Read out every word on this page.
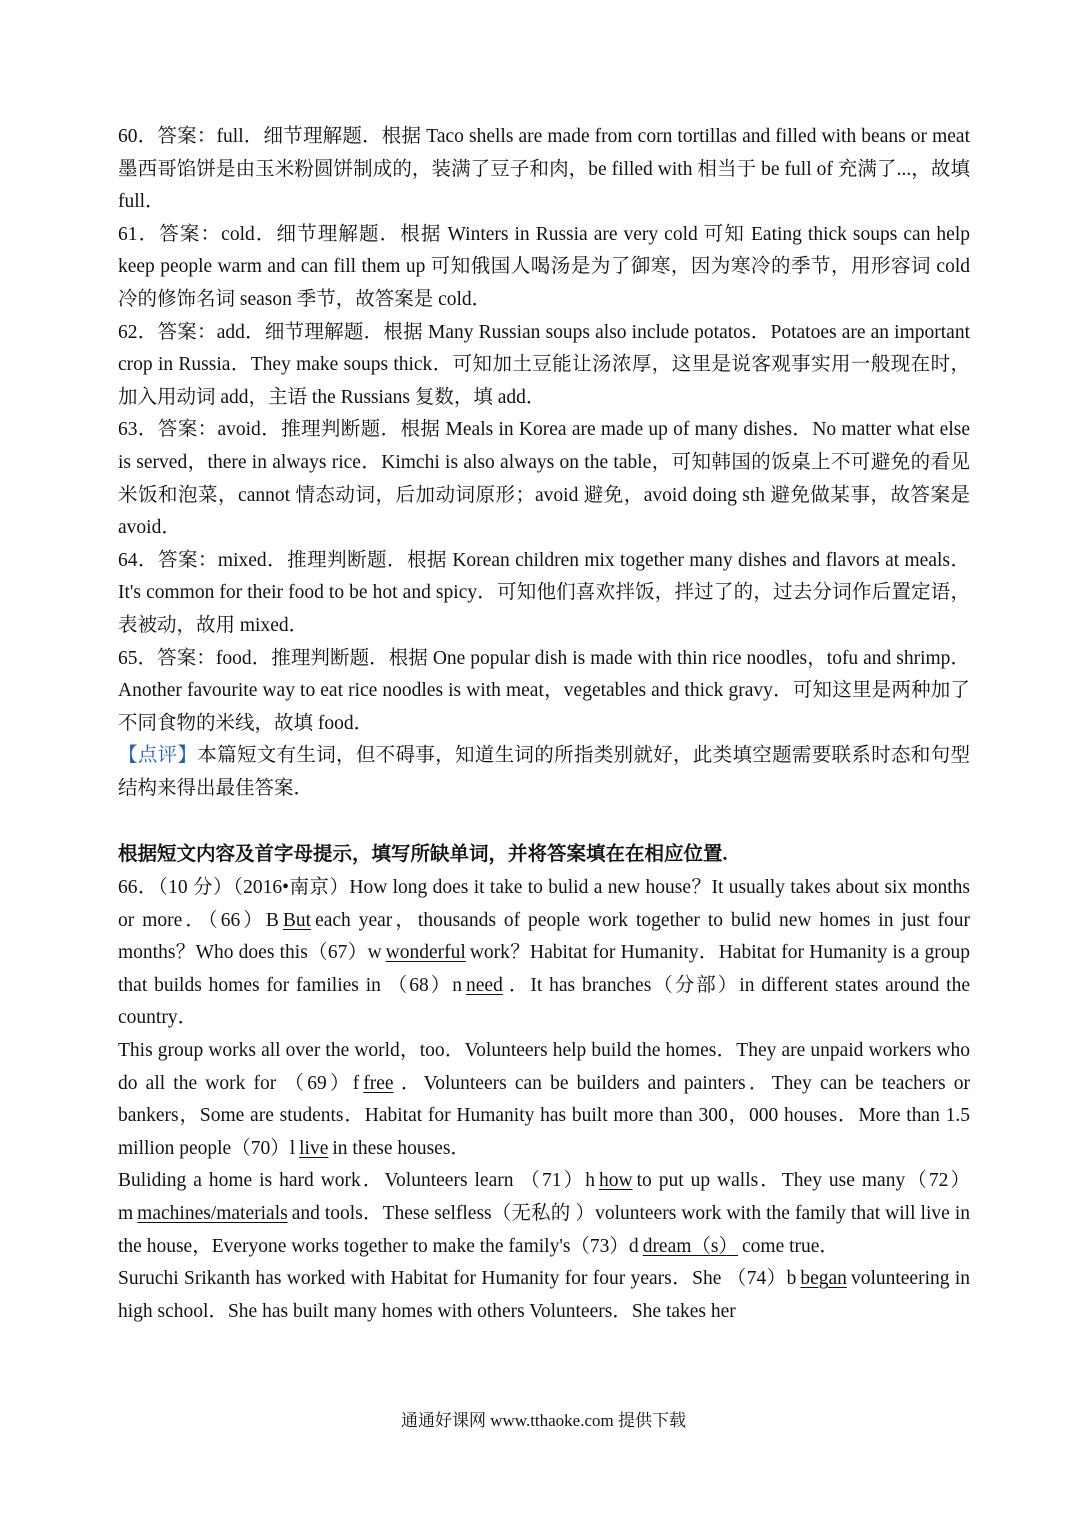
60．答案：full．细节理解题．根据 Taco shells are made from corn tortillas and filled with beans or meat 墨西哥馅饼是由玉米粉圆饼制成的，装满了豆子和肉，be filled with 相当于 be full of 充满了...，故填 full．

61．答案：cold．细节理解题．根据 Winters in Russia are very cold 可知 Eating thick soups can help keep people warm and can fill them up 可知俄国人喝汤是为了御寒，因为寒冷的季节，用形容词 cold 冷的修饰名词 season 季节，故答案是 cold．

62．答案：add．细节理解题．根据 Many Russian soups also include potatos．Potatoes are an important crop in Russia．They make soups thick．可知加土豆能让汤浓厚，这里是说客观事实用一般现在时，加入用动词 add，主语 the Russians 复数，填 add．

63．答案：avoid．推理判断题．根据 Meals in Korea are made up of many dishes．No matter what else is served，there in always rice．Kimchi is also always on the table，可知韩国的饭桌上不可避免的看见米饭和泡菜，cannot 情态动词，后加动词原形；avoid 避免，avoid doing sth 避免做某事，故答案是 avoid．

64．答案：mixed．推理判断题．根据 Korean children mix together many dishes and flavors at meals．It's common for their food to be hot and spicy．可知他们喜欢拌饭，拌过了的，过去分词作后置定语，表被动，故用 mixed．

65．答案：food．推理判断题．根据 One popular dish is made with thin rice noodles，tofu and shrimp．Another favourite way to eat rice noodles is with meat，vegetables and thick gravy．可知这里是两种加了不同食物的米线，故填 food．

【点评】本篇短文有生词，但不碍事，知道生词的所指类别就好，此类填空题需要联系时态和句型结构来得出最佳答案．

根据短文内容及首字母提示，填写所缺单词，并将答案填在在相应位置.

66．（10 分）（2016•南京）How long does it take to bulid a new house？It usually takes about six months or more．（66）B But each year，thousands of people work together to bulid new homes in just four months？Who does this（67）w wonderful work？Habitat for Humanity．Habitat for Humanity is a group that builds homes for families in （68）n need ．It has branches（分部）in different states around the country．

This group works all over the world，too．Volunteers help build the homes．They are unpaid workers who do all the work for （69）f free ．Volunteers can be builders and painters．They can be teachers or bankers，Some are students．Habitat for Humanity has built more than 300，000 houses．More than 1.5 million people（70）l live in these houses．

Buliding a home is hard work．Volunteers learn （71）h how to put up walls．They use many（72）m machines/materials and tools．These selfless（无私的 ）volunteers work with the family that will live in the house，Everyone works together to make the family's（73）d dream（s） come true．

Suruchi Srikanth has worked with Habitat for Humanity for four years．She （74）b began volunteering in high school．She has built many homes with others Volunteers．She takes her

通通好课网 www.tthaoke.com 提供下载
